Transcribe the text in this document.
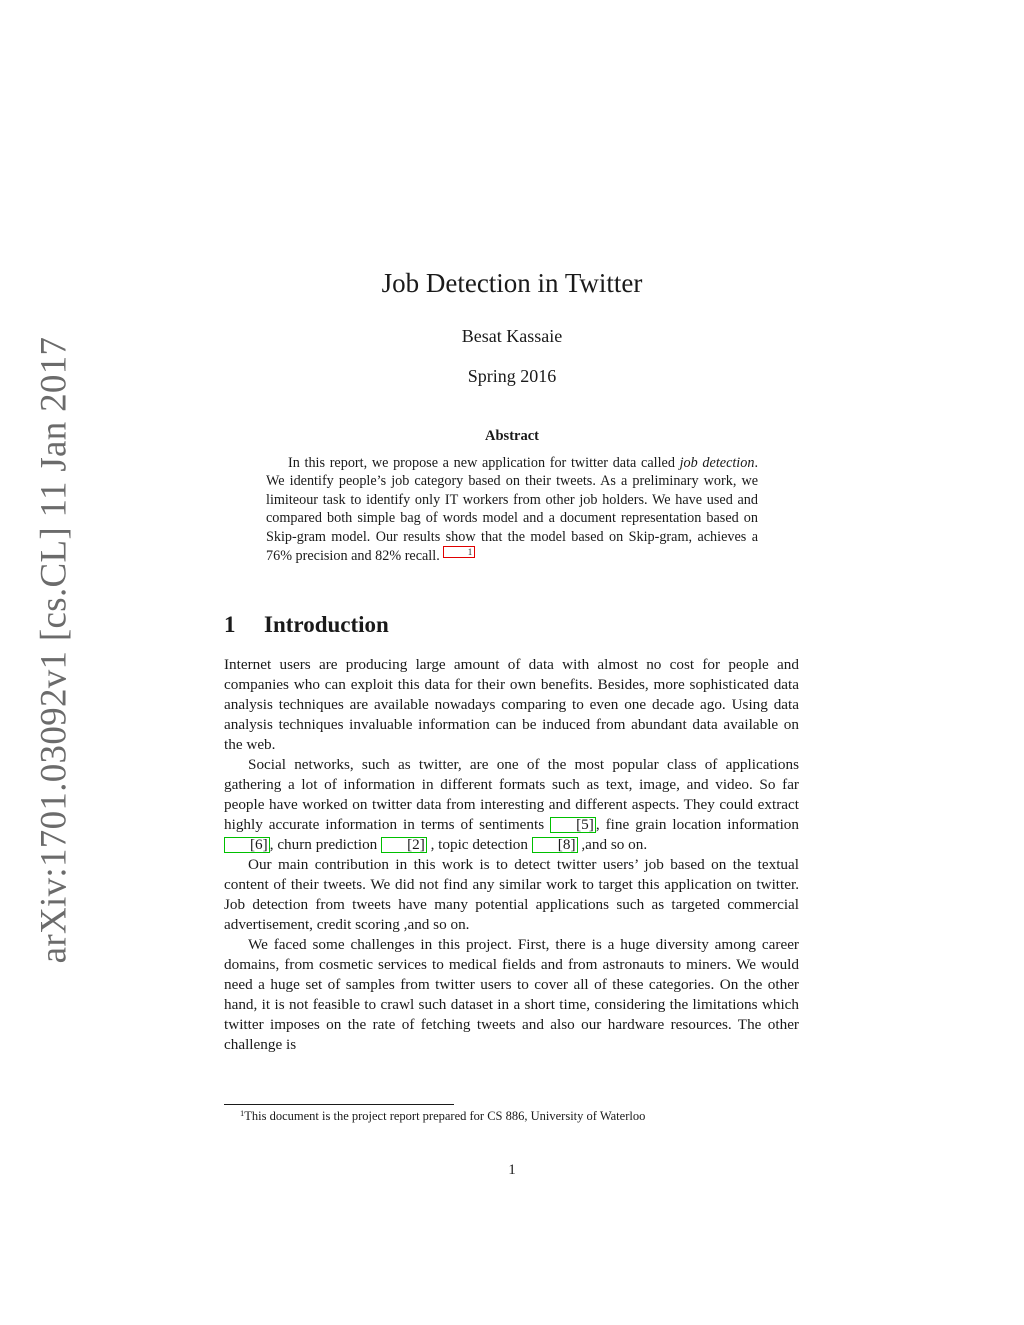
arXiv:1701.03092v1 [cs.CL] 11 Jan 2017
Job Detection in Twitter
Besat Kassaie
Spring 2016
Abstract
In this report, we propose a new application for twitter data called job detection. We identify people’s job category based on their tweets. As a preliminary work, we limiteour task to identify only IT workers from other job holders. We have used and compared both simple bag of words model and a document representation based on Skip-gram model. Our results show that the model based on Skip-gram, achieves a 76% precision and 82% recall.	1
1 Introduction

Internet users are producing large amount of data with almost no cost for people and companies who can exploit this data for their own benefits. Besides, more sophisticated data analysis techniques are available nowadays comparing to even one decade ago. Using data analysis techniques invaluable information can be induced from abundant data available on the web.

Social networks, such as twitter, are one of the most popular class of applications gathering a lot of information in different formats such as text, image, and video. So far people have worked on twitter data from interesting and different aspects. They could extract highly accurate information in terms of sentiments [5] , fine grain location information [6] , churn prediction [2] , topic detection [8] ,and so on.

Our main contribution in this work is to detect twitter users’ job based on the textual content of their tweets. We did not find any similar work to target this application on twitter. Job detection from tweets have many potential applications such as targeted commercial advertisement, credit scoring ,and so on.

We faced some challenges in this project. First, there is a huge diversity among career domains, from cosmetic services to medical fields and from astronauts to miners. We would need a huge set of samples from twitter users to cover all of these categories. On the other hand, it is not feasible to crawl such dataset in a short time, considering the limitations which twitter imposes on the rate of fetching tweets and also our hardware resources. The other challenge is

$^1$This document is the project report prepared for CS 886, University of Waterloo
1
